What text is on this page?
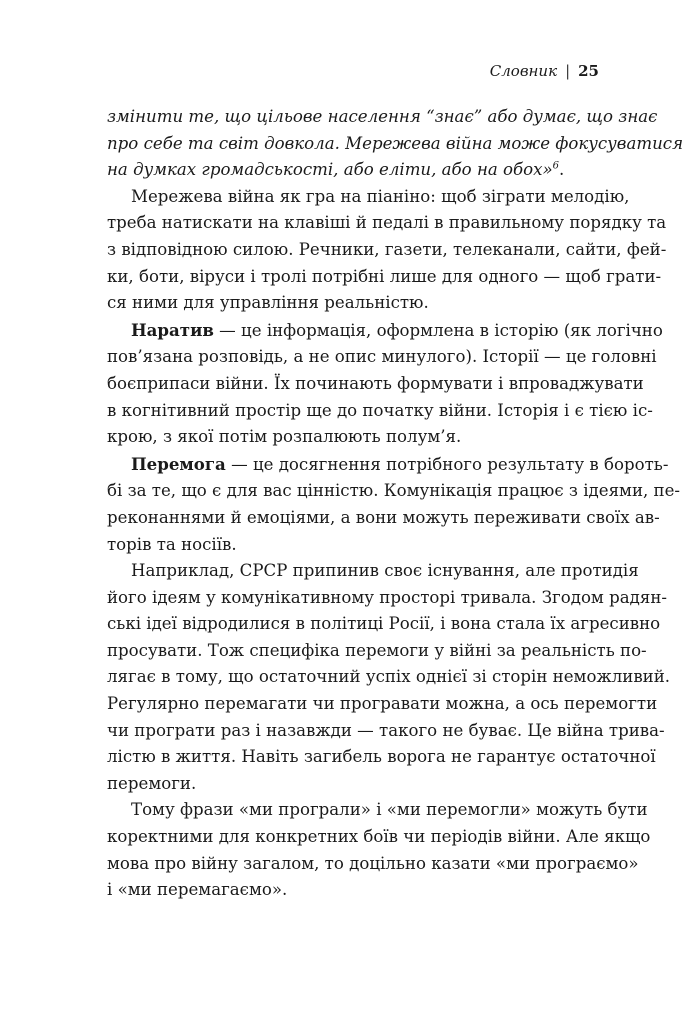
Словник | 25
змінити те, що цільове населення “знає” або думає, що знає
про себе та світ довкола. Мережева війна може фокусуватися
на думках громадськості, або еліти, або на обох»$^6$.
Мережева війна як гра на піаніно: щоб зіграти мелодію,
треба натискати на клавіші й педалі в правильному порядку та
з відповідною силою. Речники, газети, телеканали, сайти, фей-
ки, боти, віруси і тролі потрібні лише для одного — щоб грати-
ся ними для управління реальністю.
Наратив — це інформація, оформлена в історію (як логічно
пов’язана розповідь, а не опис минулого). Історії — це головні
боєприпаси війни. Їх починають формувати і впроваджувати
в когнітивний простір ще до початку війни. Історія і є тією іс-
крою, з якої потім розпалюють полум’я.
Перемога — це досягнення потрібного результату в бороть-
бі за те, що є для вас цінністю. Комунікація працює з ідеями, пе-
реконаннями й емоціями, а вони можуть переживати своїх ав-
торів та носіїв.
Наприклад, СРСР припинив своє існування, але протидія
його ідеям у комунікативному просторі тривала. Згодом радян-
ські ідеї відродилися в політиці Росії, і вона стала їх агресивно
просувати. Тож специфіка перемоги у війні за реальність по-
лягає в тому, що остаточний успіх однієї зі сторін неможливий.
Регулярно перемагати чи програвати можна, а ось перемогти
чи програти раз і назавжди — такого не буває. Це війна трива-
лістю в життя. Навіть загибель ворога не гарантує остаточної
перемоги.
Тому фрази «ми програли» і «ми перемогли» можуть бути
коректними для конкретних боїв чи періодів війни. Але якщо
мова про війну загалом, то доцільно казати «ми програємо»
і «ми перемагаємо».
